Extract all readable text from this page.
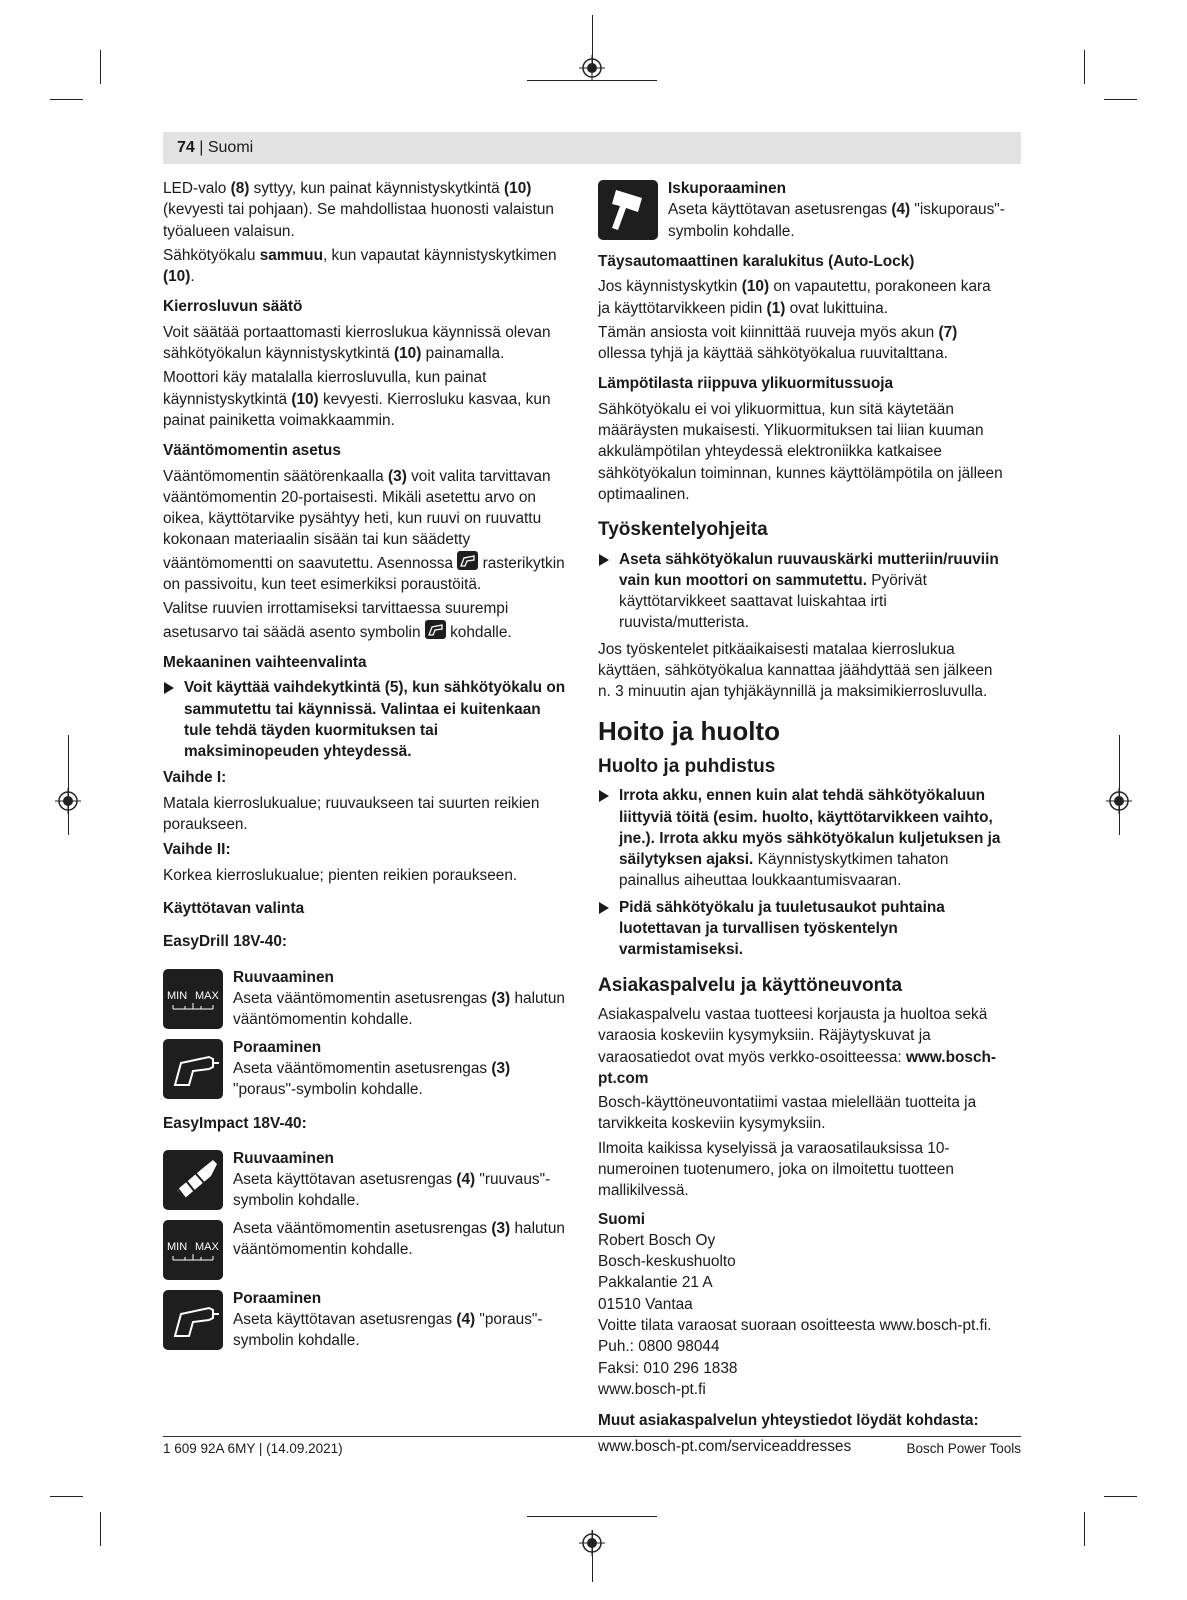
74 | Suomi

LED-valo (8) syttyy, kun painat käynnistyskytkintä (10) (kevyesti tai pohjaan). Se mahdollistaa huonosti valaistun työalueen valaisun.

Sähkötyökalu sammuu, kun vapautat käynnistyskytkimen (10).

Kierrosluvun säätö

Voit säätää portaattomasti kierroslukua käynnissä olevan sähkötyökalun käynnistyskytkintä (10) painamalla.

Moottori käy matalalla kierrosluvulla, kun painat käynnistyskytkintä (10) kevyesti. Kierrosluku kasvaa, kun painat painiketta voimakkaammin.

Vääntömomentin asetus

Vääntömomentin säätörenkaalla (3) voit valita tarvittavan vääntömomentin 20-portaisesti. Mikäli asetettu arvo on oikea, käyttötarvike pysähtyy heti, kun ruuvi on ruuvattu kokonaan materiaalin sisään tai kun säädetty vääntömomentti on saavutettu. Asennossa  rasterikytkin on passivoitu, kun teet esimerkiksi poraustöitä.

Valitse ruuvien irrottamiseksi tarvittaessa suurempi asetusarvo tai säädä asento symbolin  kohdalle.

Mekaaninen vaihteenvalinta
Voit käyttää vaihdekytkintä (5), kun sähkötyökalu on sammutettu tai käynnissä. Valintaa ei kuitenkaan tule tehdä täyden kuormituksen tai maksiminopeuden yhteydessä.
Vaihde I:

Matala kierroslukualue; ruuvaukseen tai suurten reikien poraukseen.

Vaihde II:

Korkea kierroslukualue; pienten reikien poraukseen.

Käyttötavan valinta
EasyDrill 18V-40:
MIN MAX
Ruuvaaminen
Aseta vääntömomentin asetusrengas (3) halutun vääntömomentin kohdalle.
Poraaminen
Aseta vääntömomentin asetusrengas (3) "poraus"-symbolin kohdalle.
EasyImpact 18V-40:
Ruuvaaminen
Aseta käyttötavan asetusrengas (4) "ruuvaus"-symbolin kohdalle.
MIN MAX
Aseta vääntömomentin asetusrengas (3) halutun vääntömomentin kohdalle.
Poraaminen
Aseta käyttötavan asetusrengas (4) "poraus"-symbolin kohdalle.
Iskuporaaminen
Aseta käyttötavan asetusrengas (4) "iskuporaus"-symbolin kohdalle.
Täysautomaattinen karalukitus (Auto-Lock)

Jos käynnistyskytkin (10) on vapautettu, porakoneen kara ja käyttötarvikkeen pidin (1) ovat lukittuina.

Tämän ansiosta voit kiinnittää ruuveja myös akun (7) ollessa tyhjä ja käyttää sähkötyökalua ruuvitalttana.

Lämpötilasta riippuva ylikuormitussuoja

Sähkötyökalu ei voi ylikuormittua, kun sitä käytetään määräysten mukaisesti. Ylikuormituksen tai liian kuuman akkulämpötilan yhteydessä elektroniikka katkaisee sähkötyökalun toiminnan, kunnes käyttölämpötila on jälleen optimaalinen.

Työskentelyohjeita
Aseta sähkötyökalun ruuvauskärki mutteriin/ruuviin vain kun moottori on sammutettu. Pyörivät käyttötarvikkeet saattavat luiskahtaa irti ruuvista/mutterista.

Jos työskentelet pitkäaikaisesti matalaa kierroslukua käyttäen, sähkötyökalua kannattaa jäähdyttää sen jälkeen n. 3 minuutin ajan tyhjäkäynnillä ja maksimikierrosluvulla.

Hoito ja huolto
Huolto ja puhdistus
Irrota akku, ennen kuin alat tehdä sähkötyökaluun liittyviä töitä (esim. huolto, käyttötarvikkeen vaihto, jne.). Irrota akku myös sähkötyökalun kuljetuksen ja säilytyksen ajaksi. Käynnistyskytkimen tahaton painallus aiheuttaa loukkaantumisvaaran.
Pidä sähkötyökalu ja tuuletusaukot puhtaina luotettavan ja turvallisen työskentelyn varmistamiseksi.
Asiakaspalvelu ja käyttöneuvonta

Asiakaspalvelu vastaa tuotteesi korjausta ja huoltoa sekä varaosia koskeviin kysymyksiin. Räjäytyskuvat ja varaosatiedot ovat myös verkko-osoitteessa: www.bosch-pt.com

Bosch-käyttöneuvontatiimi vastaa mielellään tuotteita ja tarvikkeita koskeviin kysymyksiin.

Ilmoita kaikissa kyselyissä ja varaosatilauksissa 10-numeroinen tuotenumero, joka on ilmoitettu tuotteen mallikilvessä.

Suomi
Robert Bosch Oy
Bosch-keskushuolto
Pakkalantie 21 A
01510 Vantaa
Voitte tilata varaosat suoraan osoitteesta www.bosch-pt.fi.
Puh.: 0800 98044
Faksi: 010 296 1838
www.bosch-pt.fi
Muut asiakaspalvelun yhteystiedot löydät kohdasta:

www.bosch-pt.com/serviceaddresses

1 609 92A 6MY | (14.09.2021)	Bosch Power Tools
